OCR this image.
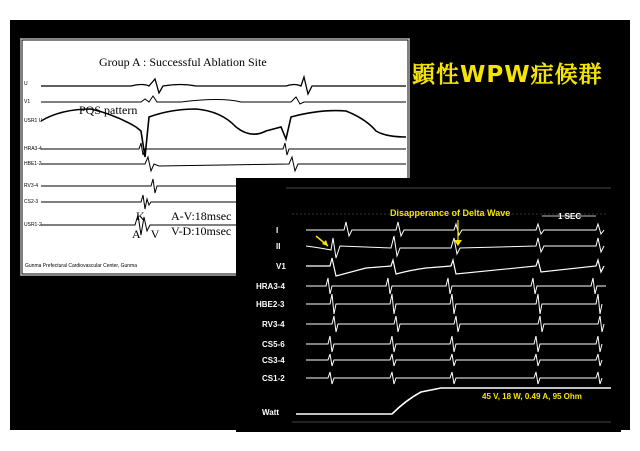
顕性WPW症候群
Group A : Successful Ablation Site
U
V1
USR1 U
HRA3-4
HBE1-2
RV3-4
CS2-3
USR1-2
PQS pattern
K
A V
A-V:18msec
V-D:10msec
Gunma Prefectural Cardiovascular Center, Gunma
Disapperance of Delta Wave	1 SEC
I
II
V1
HRA3-4
HBE2-3
RV3-4
CS5-6
CS3-4
CS1-2
Watt
45 V, 18 W, 0.49 A, 95 Ohm
